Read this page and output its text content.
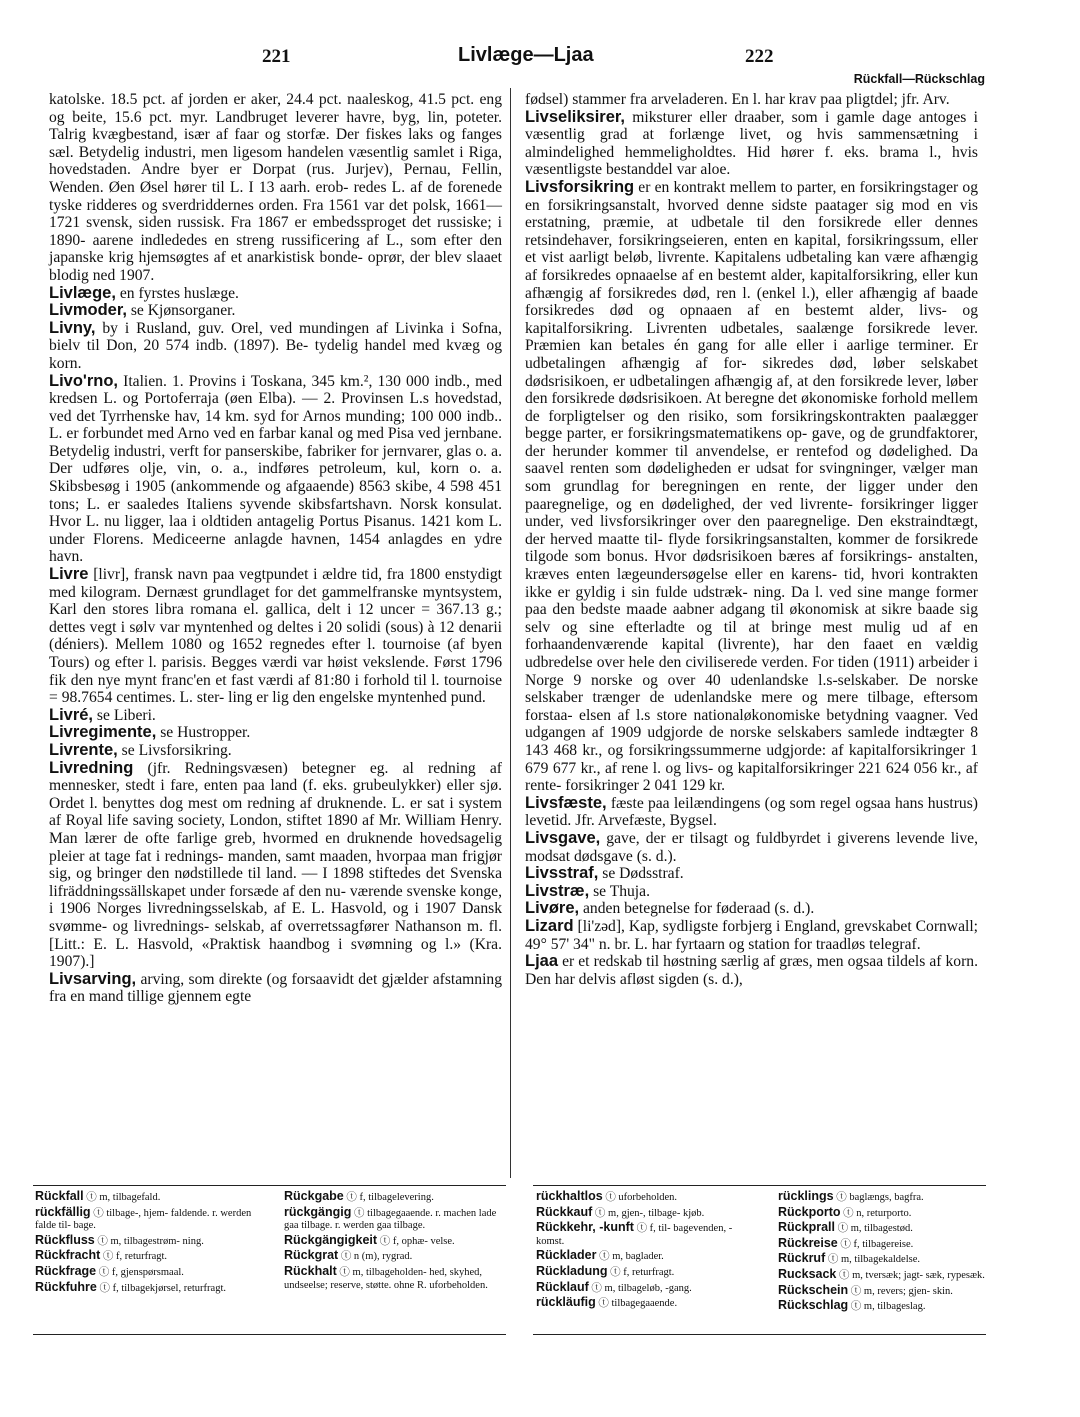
221	Livlæge—Ljaa	222
Rückfall—Rückschlag

katolske. 18.5 pct. af jorden er aker, 24.4 pct. naaleskog, 41.5 pct. eng og beite, 15.6 pct. myr. Landbruget leverer havre, byg, lin, poteter. Talrig kvægbestand, især af faar og storfæ. Der fiskes laks og fanges sæl. Betydelig industri, men ligesom handelen væsentlig samlet i Riga, hovedstaden. Andre byer er Dorpat (rus. Jurjev), Pernau, Fellin, Wenden. Øen Øsel hører til L. I 13 aarh. erob- redes L. af de forenede tyske ridderes og sverdriddernes orden. Fra 1561 var det polsk, 1661—1721 svensk, siden russisk. Fra 1867 er embedssproget det russiske; i 1890- aarene indlededes en streng russificering af L., som efter den japanske krig hjemsøgtes af et anarkistisk bonde- oprør, der blev slaaet blodig ned 1907.

Livlæge, en fyrstes huslæge.

Livmoder, se Kjønsorganer.

Livny, by i Rusland, guv. Orel, ved mundingen af Livinka i Sofna, bielv til Don, 20 574 indb. (1897). Be- tydelig handel med kvæg og korn.

Livo'rno, Italien. 1. Provins i Toskana, 345 km.², 130 000 indb., med kredsen L. og Portoferraja (øen Elba). — 2. Provinsen L.s hovedstad, ved det Tyrrhenske hav, 14 km. syd for Arnos munding; 100 000 indb.. L. er forbundet med Arno ved en farbar kanal og med Pisa ved jernbane. Betydelig industri, verft for panserskibe, fabriker for jernvarer, glas o. a. Der udføres olje, vin, o. a., indføres petroleum, kul, korn o. a. Skibsbesøg i 1905 (ankommende og afgaaende) 8563 skibe, 4 598 451 tons; L. er saaledes Italiens syvende skibsfartshavn. Norsk konsulat. Hvor L. nu ligger, laa i oldtiden antagelig Portus Pisanus. 1421 kom L. under Florens. Mediceerne anlagde havnen, 1454 anlagdes en ydre havn.

Livre [livr], fransk navn paa vegtpundet i ældre tid, fra 1800 enstydigt med kilogram. Dernæst grundlaget for det gammelfranske myntsystem, Karl den stores libra romana el. gallica, delt i 12 uncer = 367.13 g.; dettes vegt i sølv var myntenhed og deltes i 20 solidi (sous) à 12 denarii (déniers). Mellem 1080 og 1652 regnedes efter l. tournoise (af byen Tours) og efter l. parisis. Begges værdi var høist vekslende. Først 1796 fik den nye mynt franc'en et fast værdi af 81:80 i forhold til l. tournoise = 98.7654 centimes. L. ster- ling er lig den engelske myntenhed pund.

Livré, se Liberi.

Livregimente, se Hustropper.

Livrente, se Livsforsikring.

Livredning (jfr. Redningsvæsen) betegner eg. al redning af mennesker, stedt i fare, enten paa land (f. eks. grubeulykker) eller sjø. Ordet l. benyttes dog mest om redning af druknende. L. er sat i system af Royal life saving society, London, stiftet 1890 af Mr. William Henry. Man lærer de ofte farlige greb, hvormed en druknende hovedsagelig pleier at tage fat i rednings- manden, samt maaden, hvorpaa man frigjør sig, og bringer den nødstillede til land. — I 1898 stiftedes det Svenska lifräddningssällskapet under forsæde af den nu- værende svenske konge, i 1906 Norges livredningsselskab, af E. L. Hasvold, og i 1907 Dansk svømme- og livrednings- selskab, af overretssagfører Nathanson m. fl. [Litt.: E. L. Hasvold, «Praktisk haandbog i svømning og l.» (Kra. 1907).]

Livsarving, arving, som direkte (og forsaavidt det gjælder afstamning fra en mand tillige gjennem egte

fødsel) stammer fra arveladeren. En l. har krav paa pligtdel; jfr. Arv.

Livseliksirer, miksturer eller draaber, som i gamle dage antoges i væsentlig grad at forlænge livet, og hvis sammensætning i almindelighed hemmeligholdtes. Hid hører f. eks. brama l., hvis væsentligste bestanddel var aloe.

Livsforsikring er en kontrakt mellem to parter, en forsikringstager og en forsikringsanstalt, hvorved denne sidste paatager sig mod en vis erstatning, præmie, at udbetale til den forsikrede eller dennes retsindehaver, forsikringseieren, enten en kapital, forsikringssum, eller et vist aarligt beløb, livrente. Kapitalens udbetaling kan være afhængig af forsikredes opnaaelse af en bestemt alder, kapitalforsikring, eller kun afhængig af forsikredes død, ren l. (enkel l.), eller afhængig af baade forsikredes død og opnaaen af en bestemt alder, livs- og kapitalforsikring. Livrenten udbetales, saalænge forsikrede lever. Præmien kan betales én gang for alle eller i aarlige terminer. Er udbetalingen afhængig af for- sikredes død, løber selskabet dødsrisikoen, er udbetalingen afhængig af, at den forsikrede lever, løber den forsikrede dødsrisikoen. At beregne det økonomiske forhold mellem de forpligtelser og den risiko, som forsikringskontrakten paalægger begge parter, er forsikringsmatematikens op- gave, og de grundfaktorer, der herunder kommer til anvendelse, er rentefod og dødelighed. Da saavel renten som dødeligheden er udsat for svingninger, vælger man som grundlag for beregningen en rente, der ligger under den paaregnelige, og en dødelighed, der ved livrente- forsikringer ligger under, ved livsforsikringer over den paaregnelige. Den ekstraindtægt, der herved maatte til- flyde forsikringsanstalten, kommer de forsikrede tilgode som bonus. Hvor dødsrisikoen bæres af forsikrings- anstalten, kræves enten lægeundersøgelse eller en karens- tid, hvori kontrakten ikke er gyldig i sin fulde udstræk- ning. Da l. ved sine mange former paa den bedste maade aabner adgang til økonomisk at sikre baade sig selv og sine efterladte og til at bringe mest mulig ud af en forhaandenværende kapital (livrente), har den faaet en vældig udbredelse over hele den civiliserede verden. For tiden (1911) arbeider i Norge 9 norske og over 40 udenlandske l.s-selskaber. De norske selskaber trænger de udenlandske mere og mere tilbage, eftersom forstaa- elsen af l.s store nationaløkonomiske betydning vaagner. Ved udgangen af 1909 udgjorde de norske selskabers samlede indtægter 8 143 468 kr., og forsikringssummerne udgjorde: af kapitalforsikringer 1 679 677 kr., af rene l. og livs- og kapitalforsikringer 221 624 056 kr., af rente- forsikringer 2 041 129 kr.

Livsfæste, fæste paa leilændingens (og som regel ogsaa hans hustrus) levetid. Jfr. Arvefæste, Bygsel.

Livsgave, gave, der er tilsagt og fuldbyrdet i giverens levende live, modsat dødsgave (s. d.).

Livsstraf, se Dødsstraf.

Livstræ, se Thuja.

Livøre, anden betegnelse for føderaad (s. d.).

Lizard [li'zəd], Kap, sydligste forbjerg i England, grevskabet Cornwall; 49° 57' 34" n. br. L. har fyrtaarn og station for traadløs telegraf.

Ljaa er et redskab til høstning særlig af græs, men ogsaa tildels af korn. Den har delvis afløst sigden (s. d.),

Rückfall ⓣ m, tilbagefald.

rückfällig ⓣ tilbage-, hjem- faldende. r. werden falde til- bage.

Rückfluss ⓣ m, tilbagestrøm- ning.

Rückfracht ⓣ f, returfragt.

Rückfrage ⓣ f, gjenspørsmaal.

Rückfuhre ⓣ f, tilbagekjørsel, returfragt.

Rückgabe ⓣ f, tilbagelevering.

rückgängig ⓣ tilbagegaaende. r. machen lade gaa tilbage. r. werden gaa tilbage.

Rückgängigkeit ⓣ f, ophæ- velse.

Rückgrat ⓣ n (m), rygrad.

Rückhalt ⓣ m, tilbageholden- hed, skyhed, undseelse; reserve, støtte. ohne R. uforbeholden.

rückhaltlos ⓣ uforbeholden.

Rückkauf ⓣ m, gjen-, tilbage- kjøb.

Rückkehr, -kunft ⓣ f, til- bagevenden, -komst.

Rücklader ⓣ m, baglader.

Rückladung ⓣ f, returfragt.

Rücklauf ⓣ m, tilbageløb, -gang.

rückläufig ⓣ tilbagegaaende.

rücklings ⓣ baglængs, bagfra.

Rückporto ⓣ n, returporto.

Rückprall ⓣ m, tilbagestød.

Rückreise ⓣ f, tilbagereise.

Rückruf ⓣ m, tilbagekaldelse.

Rucksack ⓣ m, tversæk; jagt- sæk, rypesæk.

Rückschein ⓣ m, revers; gjen- skin.

Rückschlag ⓣ m, tilbageslag.
